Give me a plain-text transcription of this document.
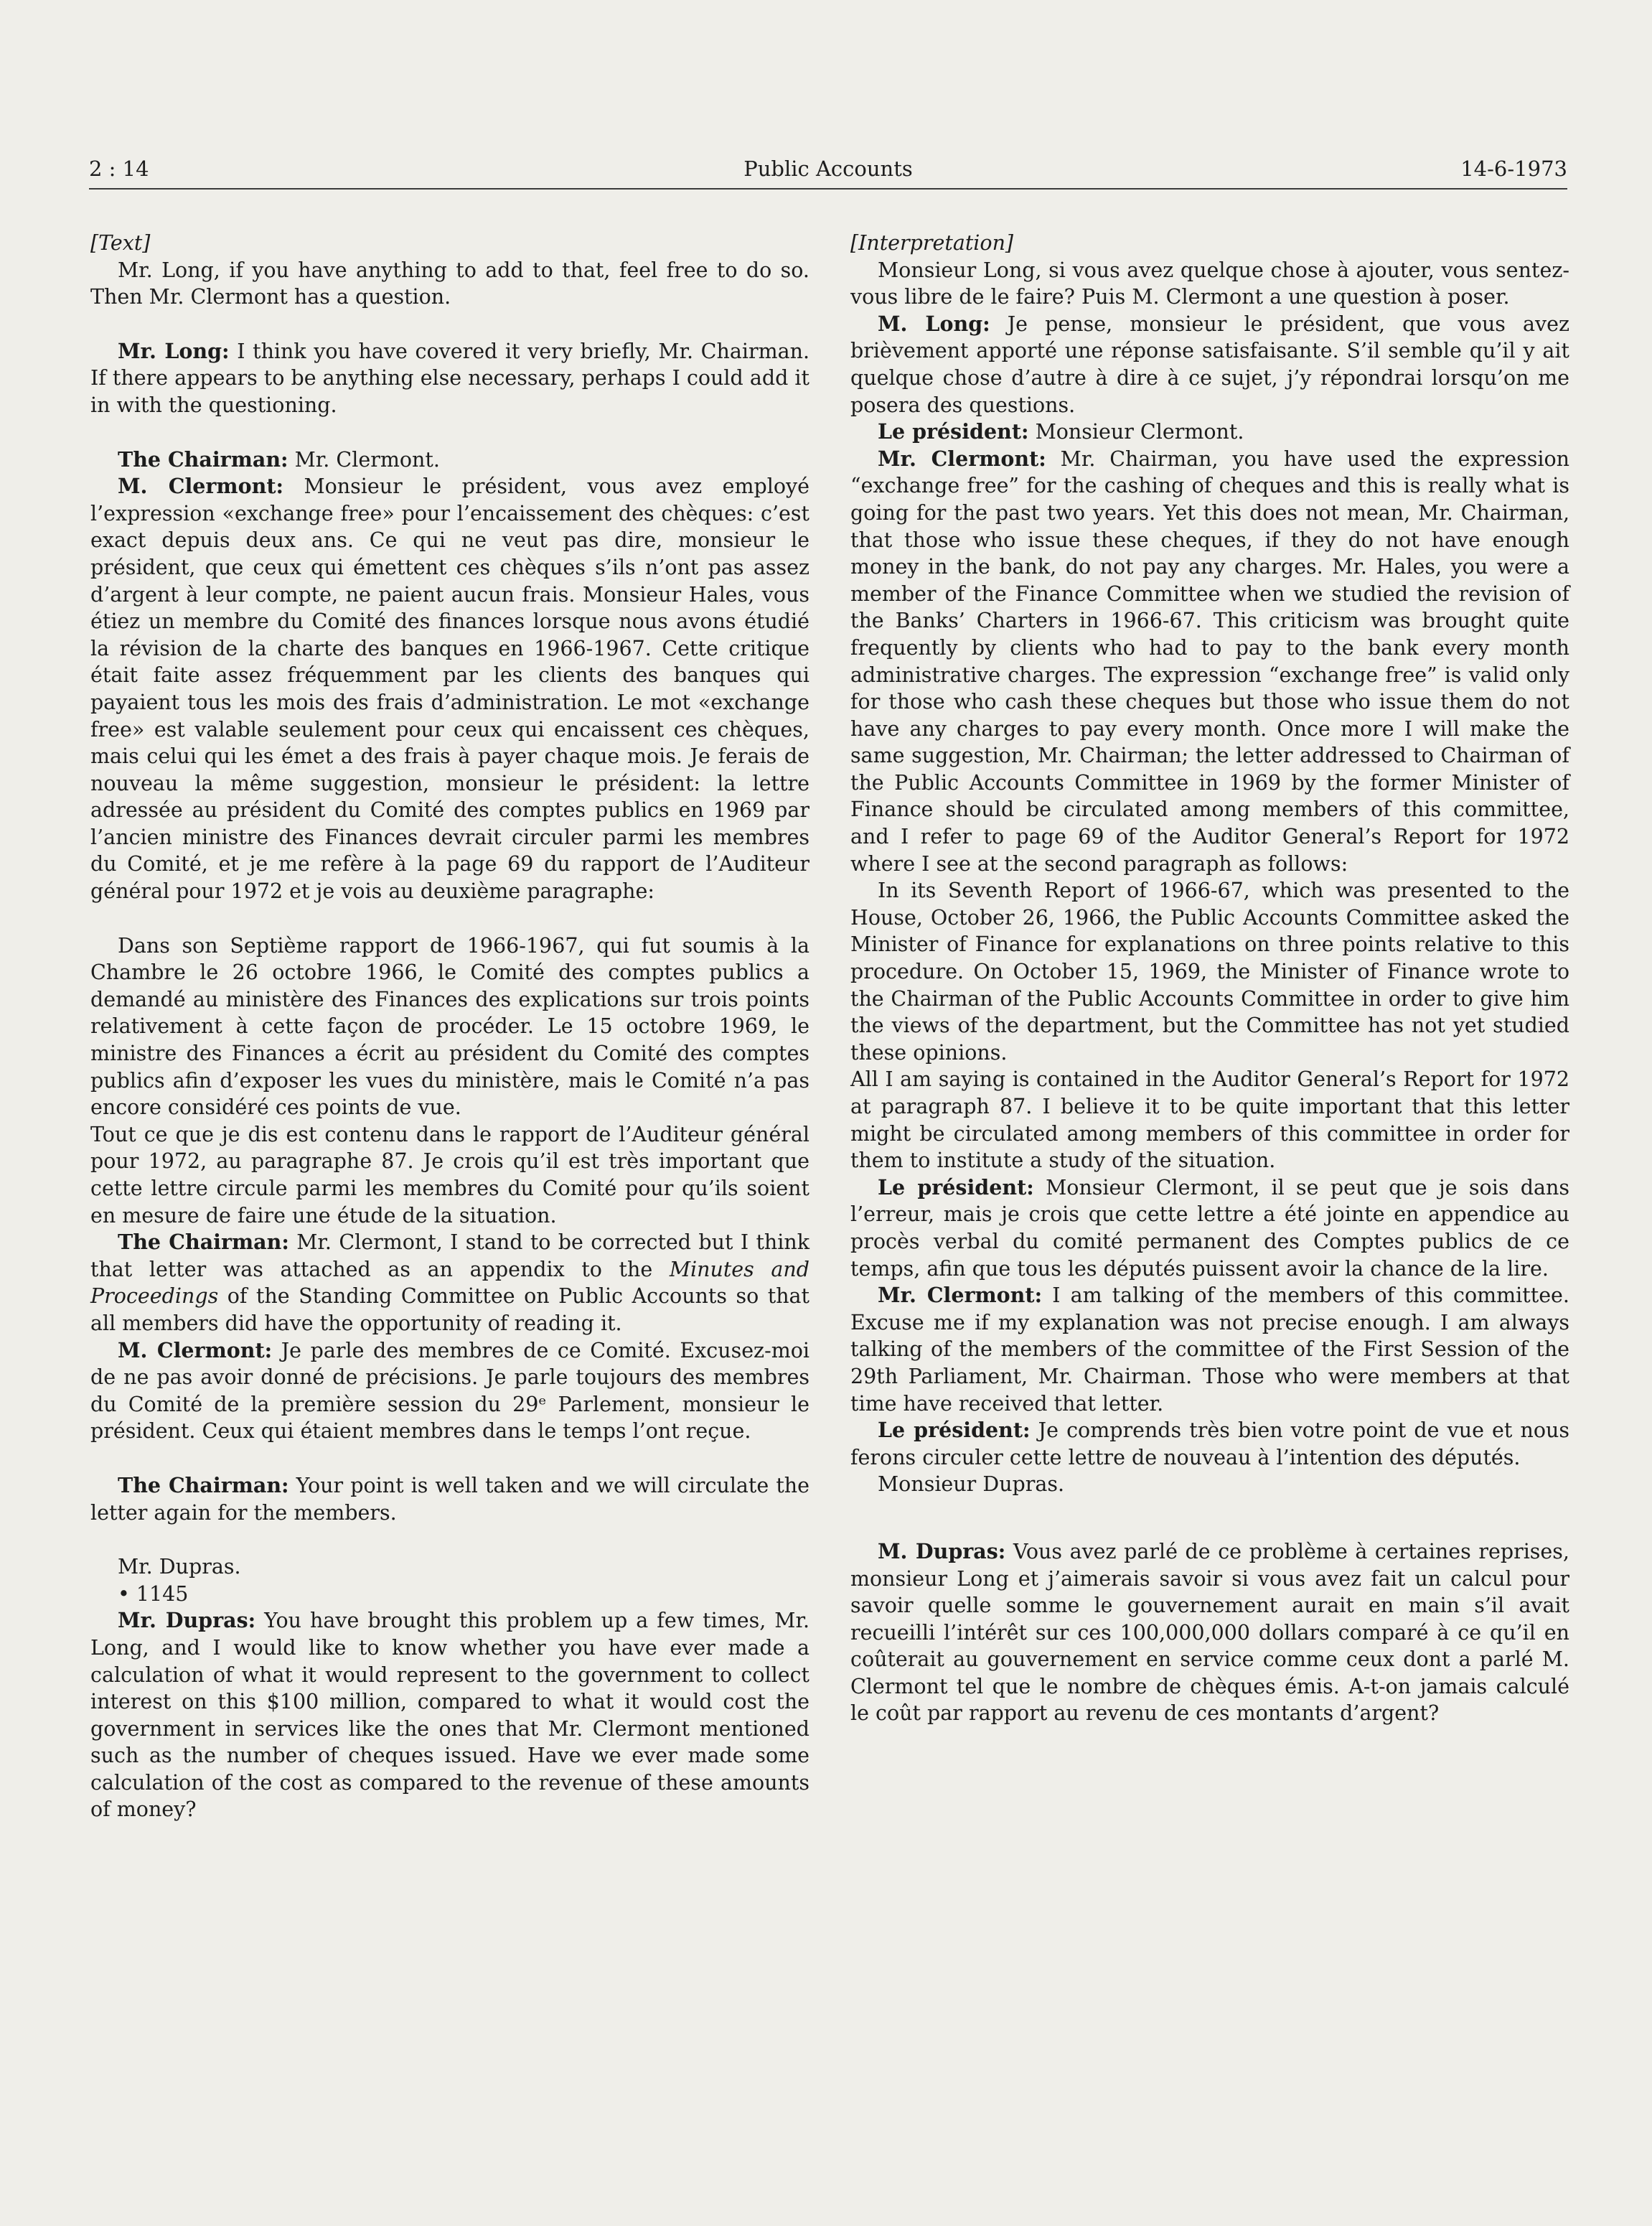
2 : 14	Public Accounts	14-6-1973

[Text]

Mr. Long, if you have anything to add to that, feel free to do so. Then Mr. Clermont has a question.

Mr. Long: I think you have covered it very briefly, Mr. Chairman. If there appears to be anything else necessary, perhaps I could add it in with the questioning.

The Chairman: Mr. Clermont.

M. Clermont: Monsieur le président, vous avez employé l’expression «exchange free» pour l’encaissement des chèques: c’est exact depuis deux ans. Ce qui ne veut pas dire, monsieur le président, que ceux qui émettent ces chèques s’ils n’ont pas assez d’argent à leur compte, ne paient aucun frais. Monsieur Hales, vous étiez un membre du Comité des finances lorsque nous avons étudié la révision de la charte des banques en 1966-1967. Cette critique était faite assez fréquemment par les clients des banques qui payaient tous les mois des frais d’administration. Le mot «exchange free» est valable seulement pour ceux qui encaissent ces chèques, mais celui qui les émet a des frais à payer chaque mois. Je ferais de nouveau la même suggestion, monsieur le président: la lettre adressée au président du Comité des comptes publics en 1969 par l’ancien ministre des Finances devrait circuler parmi les membres du Comité, et je me refère à la page 69 du rapport de l’Auditeur général pour 1972 et je vois au deuxième paragraphe:

Dans son Septième rapport de 1966-1967, qui fut soumis à la Chambre le 26 octobre 1966, le Comité des comptes publics a demandé au ministère des Finances des explications sur trois points relativement à cette façon de procéder. Le 15 octobre 1969, le ministre des Finances a écrit au président du Comité des comptes publics afin d’exposer les vues du ministère, mais le Comité n’a pas encore considéré ces points de vue.

Tout ce que je dis est contenu dans le rapport de l’Auditeur général pour 1972, au paragraphe 87. Je crois qu’il est très important que cette lettre circule parmi les membres du Comité pour qu’ils soient en mesure de faire une étude de la situation.

The Chairman: Mr. Clermont, I stand to be corrected but I think that letter was attached as an appendix to the Minutes and Proceedings of the Standing Committee on Public Accounts so that all members did have the opportunity of reading it.

M. Clermont: Je parle des membres de ce Comité. Excusez-moi de ne pas avoir donné de précisions. Je parle toujours des membres du Comité de la première session du 29ᵉ Parlement, monsieur le président. Ceux qui étaient membres dans le temps l’ont reçue.

The Chairman: Your point is well taken and we will circulate the letter again for the members.

Mr. Dupras.

• 1145

Mr. Dupras: You have brought this problem up a few times, Mr. Long, and I would like to know whether you have ever made a calculation of what it would represent to the government to collect interest on this $100 million, compared to what it would cost the government in services like the ones that Mr. Clermont mentioned such as the number of cheques issued. Have we ever made some calculation of the cost as compared to the revenue of these amounts of money?

[Interpretation]

Monsieur Long, si vous avez quelque chose à ajouter, vous sentez-vous libre de le faire? Puis M. Clermont a une question à poser.

M. Long: Je pense, monsieur le président, que vous avez brièvement apporté une réponse satisfaisante. S’il semble qu’il y ait quelque chose d’autre à dire à ce sujet, j’y répondrai lorsqu’on me posera des questions.

Le président: Monsieur Clermont.

Mr. Clermont: Mr. Chairman, you have used the expression “exchange free” for the cashing of cheques and this is really what is going for the past two years. Yet this does not mean, Mr. Chairman, that those who issue these cheques, if they do not have enough money in the bank, do not pay any charges. Mr. Hales, you were a member of the Finance Committee when we studied the revision of the Banks’ Charters in 1966-67. This criticism was brought quite frequently by clients who had to pay to the bank every month administrative charges. The expression “exchange free” is valid only for those who cash these cheques but those who issue them do not have any charges to pay every month. Once more I will make the same suggestion, Mr. Chairman; the letter addressed to Chairman of the Public Accounts Committee in 1969 by the former Minister of Finance should be circulated among members of this committee, and I refer to page 69 of the Auditor General’s Report for 1972 where I see at the second paragraph as follows:

In its Seventh Report of 1966-67, which was presented to the House, October 26, 1966, the Public Accounts Committee asked the Minister of Finance for explanations on three points relative to this procedure. On October 15, 1969, the Minister of Finance wrote to the Chairman of the Public Accounts Committee in order to give him the views of the department, but the Committee has not yet studied these opinions.

All I am saying is contained in the Auditor General’s Report for 1972 at paragraph 87. I believe it to be quite important that this letter might be circulated among members of this committee in order for them to institute a study of the situation.

Le président: Monsieur Clermont, il se peut que je sois dans l’erreur, mais je crois que cette lettre a été jointe en appendice au procès verbal du comité permanent des Comptes publics de ce temps, afin que tous les députés puissent avoir la chance de la lire.

Mr. Clermont: I am talking of the members of this committee. Excuse me if my explanation was not precise enough. I am always talking of the members of the committee of the First Session of the 29th Parliament, Mr. Chairman. Those who were members at that time have received that letter.

Le président: Je comprends très bien votre point de vue et nous ferons circuler cette lettre de nouveau à l’intention des députés.

Monsieur Dupras.

M. Dupras: Vous avez parlé de ce problème à certaines reprises, monsieur Long et j’aimerais savoir si vous avez fait un calcul pour savoir quelle somme le gouvernement aurait en main s’il avait recueilli l’intérêt sur ces 100,000,000 dollars comparé à ce qu’il en coûterait au gouvernement en service comme ceux dont a parlé M. Clermont tel que le nombre de chèques émis. A-t-on jamais calculé le coût par rapport au revenu de ces montants d’argent?
